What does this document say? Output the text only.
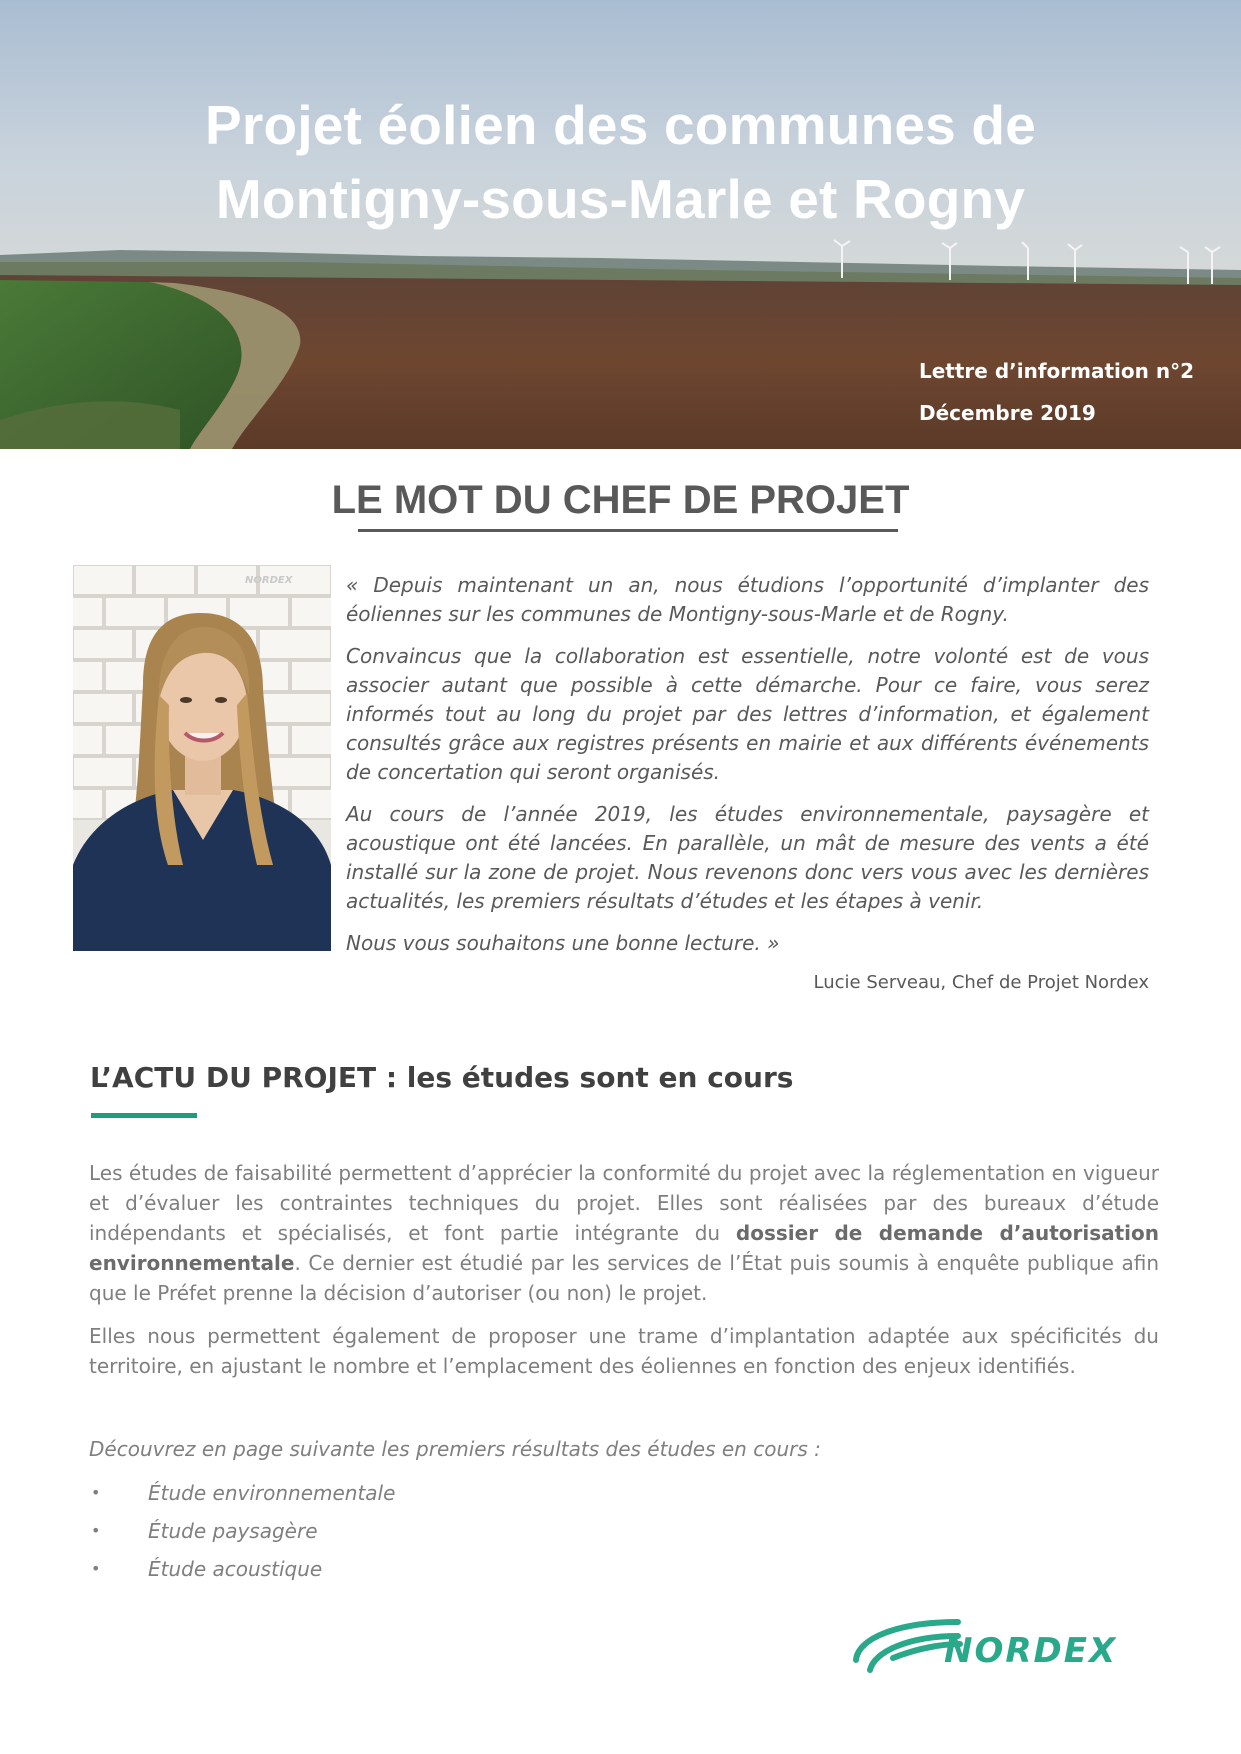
Projet éolien des communes de
Montigny-sous-Marle et Rogny
Lettre d’information n°2
Décembre 2019
LE MOT DU CHEF DE PROJET
NORDEX	« Depuis maintenant un an, nous étudions l’opportunité d’implanter des éoliennes sur les communes de Montigny-sous-Marle et de Rogny.

Convaincus que la collaboration est essentielle, notre volonté est de vous associer autant que possible à cette démarche. Pour ce faire, vous serez informés tout au long du projet par des lettres d’information, et également consultés grâce aux registres présents en mairie et aux différents événements de concertation qui seront organisés.

Au cours de l’année 2019, les études environnementale, paysagère et acoustique ont été lancées. En parallèle, un mât de mesure des vents a été installé sur la zone de projet. Nous revenons donc vers vous avec les dernières actualités, les premiers résultats d’études et les étapes à venir.

Nous vous souhaitons une bonne lecture. »

Lucie Serveau, Chef de Projet Nordex
L’ACTU DU PROJET : les études sont en cours

Les études de faisabilité permettent d’apprécier la conformité du projet avec la réglementation en vigueur et d’évaluer les contraintes techniques du projet. Elles sont réalisées par des bureaux d’étude indépendants et spécialisés, et font partie intégrante du dossier de demande d’autorisation environnementale. Ce dernier est étudié par les services de l’État puis soumis à enquête publique afin que le Préfet prenne la décision d’autoriser (ou non) le projet.

Elles nous permettent également de proposer une trame d’implantation adaptée aux spécificités du territoire, en ajustant le nombre et l’emplacement des éoliennes en fonction des enjeux identifiés.

Découvrez en page suivante les premiers résultats des études en cours :
• Étude environnementale
• Étude paysagère
• Étude acoustique
NORDEX
